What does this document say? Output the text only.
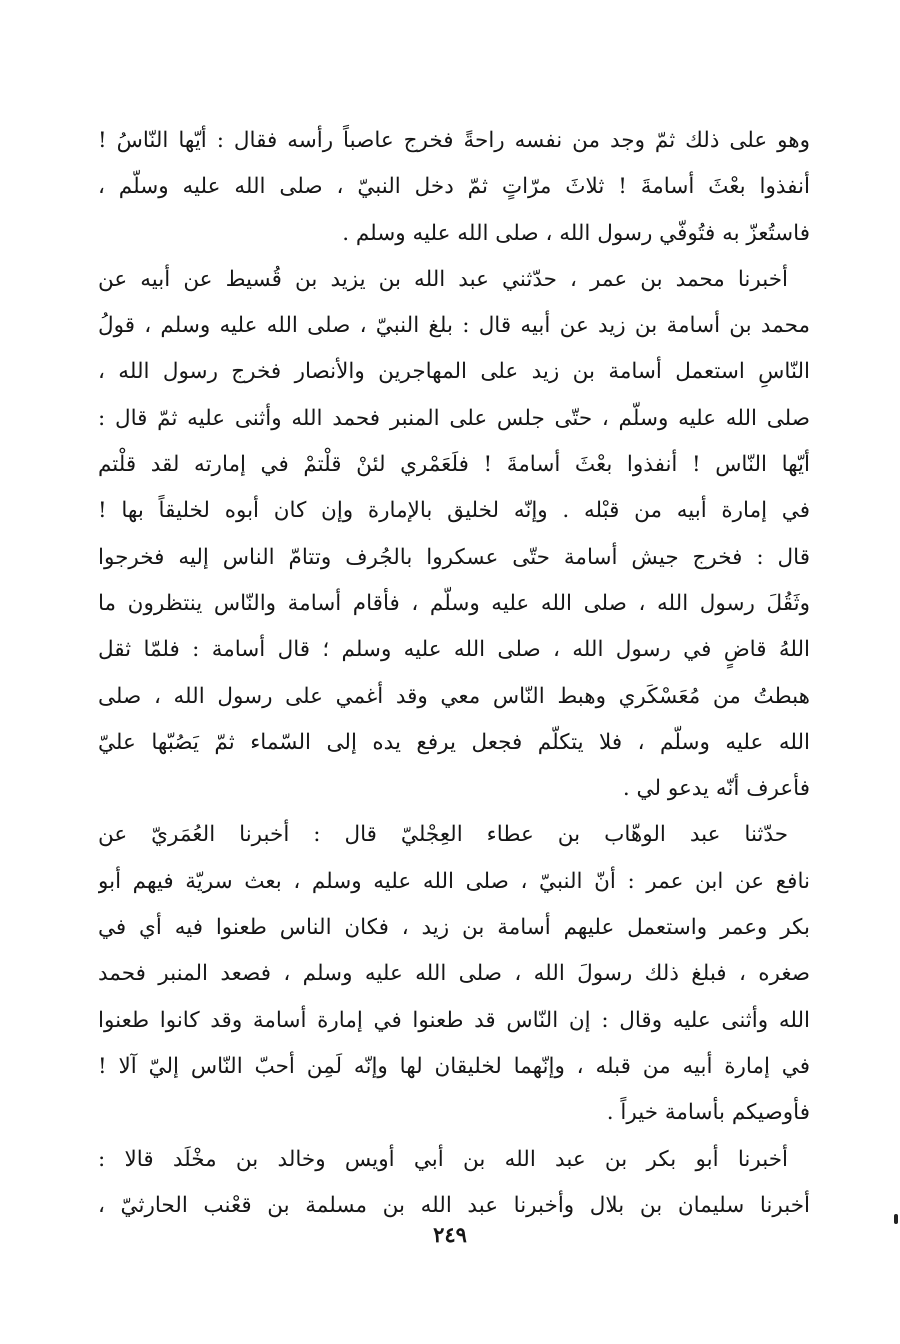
وهو على ذلك ثمّ وجد من نفسه راحةً فخرج عاصباً رأسه فقال : أيّها النّاسُ !
أنفذوا بعْثَ أسامةَ ! ثلاثَ مرّاتٍ ثمّ دخل النبيّ ، صلى الله عليه وسلّم ،
فاستُعزّ به فتُوفّي رسول الله ، صلى الله عليه وسلم .
أخبرنا محمد بن عمر ، حدّثني عبد الله بن يزيد بن قُسيط عن أبيه عن
محمد بن أسامة بن زيد عن أبيه قال : بلغ النبيّ ، صلى الله عليه وسلم ، قولُ
النّاسِ استعمل أسامة بن زيد على المهاجرين والأنصار فخرج رسول الله ،
صلى الله عليه وسلّم ، حتّى جلس على المنبر فحمد الله وأثنى عليه ثمّ قال :
أيّها النّاس ! أنفذوا بعْثَ أسامةَ ! فلَعَمْري لئنْ قلْتمْ في إمارته لقد قلْتم
في إمارة أبيه من قبْله . وإنّه لخليق بالإمارة وإن كان أبوه لخليقاً بها !
قال : فخرج جيش أسامة حتّى عسكروا بالجُرف وتتامّ الناس إليه فخرجوا
وثَقُلَ رسول الله ، صلى الله عليه وسلّم ، فأقام أسامة والنّاس ينتظرون ما
اللهُ قاضٍ في رسول الله ، صلى الله عليه وسلم ؛ قال أسامة : فلمّا ثقل
هبطتُ من مُعَسْكَري وهبط النّاس معي وقد أغمي على رسول الله ، صلى
الله عليه وسلّم ، فلا يتكلّم فجعل يرفع يده إلى السّماء ثمّ يَصُبّها عليّ
فأعرف أنّه يدعو لي .
حدّثنا عبد الوهّاب بن عطاء العِجْليّ قال : أخبرنا العُمَريّ عن
نافع عن ابن عمر : أنّ النبيّ ، صلى الله عليه وسلم ، بعث سريّة فيهم أبو
بكر وعمر واستعمل عليهم أسامة بن زيد ، فكان الناس طعنوا فيه أي في
صغره ، فبلغ ذلك رسولَ الله ، صلى الله عليه وسلم ، فصعد المنبر فحمد
الله وأثنى عليه وقال : إن النّاس قد طعنوا في إمارة أسامة وقد كانوا طعنوا
في إمارة أبيه من قبله ، وإنّهما لخليقان لها وإنّه لَمِن أحبّ النّاس إليّ آلا !
فأوصيكم بأسامة خيراً .
أخبرنا أبو بكر بن عبد الله بن أبي أويس وخالد بن مخْلَد قالا :
أخبرنا سليمان بن بلال وأخبرنا عبد الله بن مسلمة بن قعْنب الحارثيّ ،
٢٤٩
